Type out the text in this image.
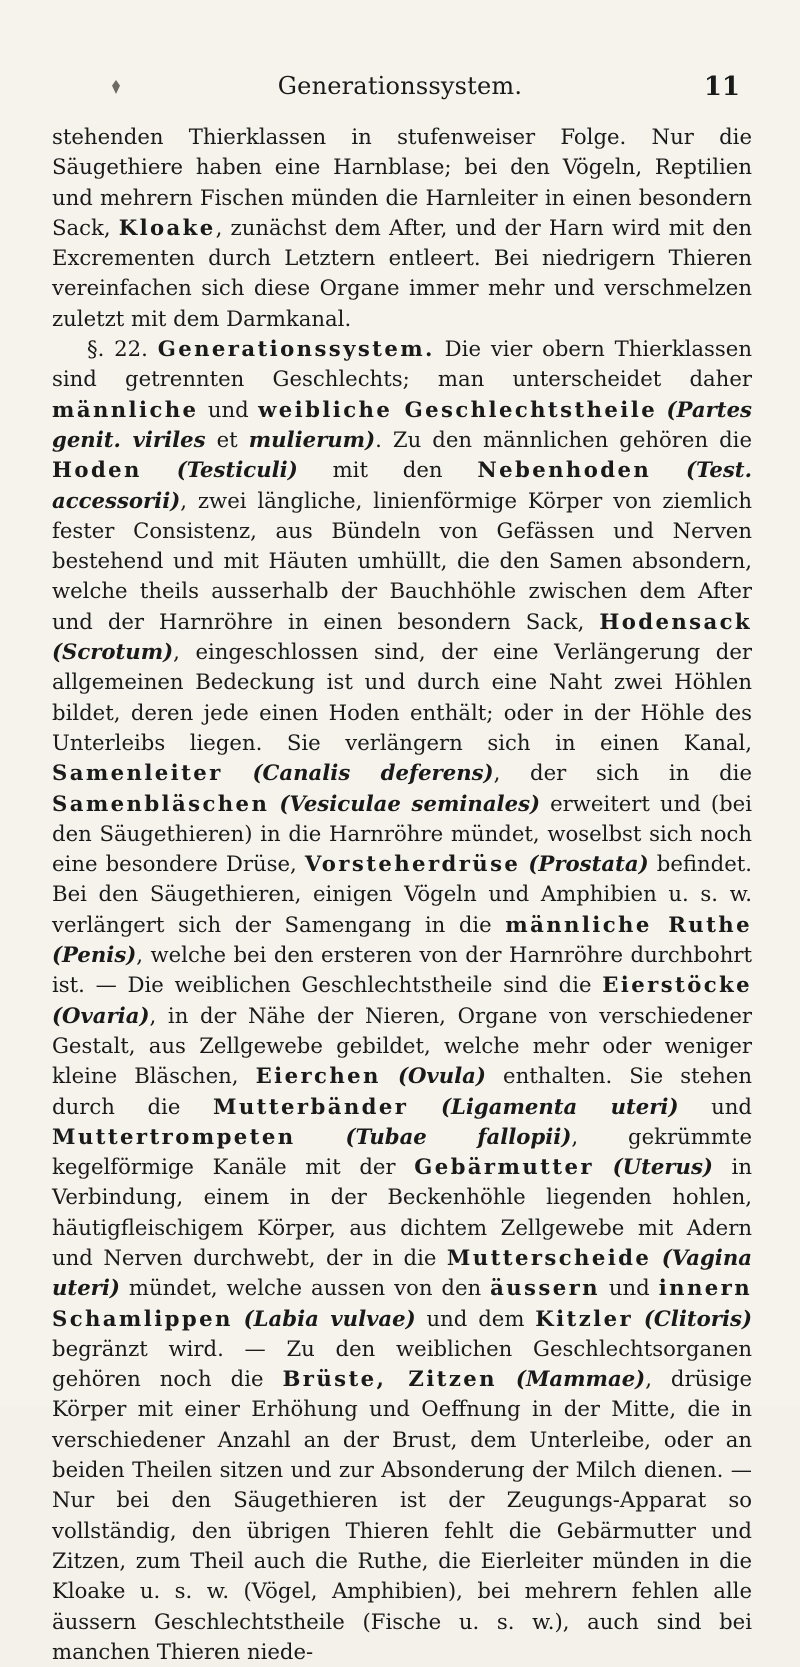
Generationssystem.	11

stehenden Thierklassen in stufenweiser Folge. Nur die Säugethiere haben eine Harnblase; bei den Vögeln, Reptilien und mehrern Fischen münden die Harnleiter in einen besondern Sack, Kloake, zunächst dem After, und der Harn wird mit den Excrementen durch Letztern entleert. Bei niedrigern Thieren vereinfachen sich diese Organe immer mehr und verschmelzen zuletzt mit dem Darmkanal.

§. 22. Generationssystem. Die vier obern Thierklassen sind getrennten Geschlechts; man unterscheidet daher männliche und weibliche Geschlechtstheile (Partes genit. viriles et mulierum). Zu den männlichen gehören die Hoden (Testiculi) mit den Nebenhoden (Test. accessorii), zwei längliche, linienförmige Körper von ziemlich fester Consistenz, aus Bündeln von Gefässen und Nerven bestehend und mit Häuten umhüllt, die den Samen absondern, welche theils ausserhalb der Bauchhöhle zwischen dem After und der Harnröhre in einen besondern Sack, Hodensack (Scrotum), eingeschlossen sind, der eine Verlängerung der allgemeinen Bedeckung ist und durch eine Naht zwei Höhlen bildet, deren jede einen Hoden enthält; oder in der Höhle des Unterleibs liegen. Sie verlängern sich in einen Kanal, Samenleiter (Canalis deferens), der sich in die Samenbläschen (Vesiculae seminales) erweitert und (bei den Säugethieren) in die Harnröhre mündet, woselbst sich noch eine besondere Drüse, Vorsteherdrüse (Prostata) befindet. Bei den Säugethieren, einigen Vögeln und Amphibien u. s. w. verlängert sich der Samengang in die männliche Ruthe (Penis), welche bei den ersteren von der Harnröhre durchbohrt ist. — Die weiblichen Geschlechtstheile sind die Eierstöcke (Ovaria), in der Nähe der Nieren, Organe von verschiedener Gestalt, aus Zellgewebe gebildet, welche mehr oder weniger kleine Bläschen, Eierchen (Ovula) enthalten. Sie stehen durch die Mutterbänder (Ligamenta uteri) und Muttertrompeten (Tubae fallopii), gekrümmte kegelförmige Kanäle mit der Gebärmutter (Uterus) in Verbindung, einem in der Beckenhöhle liegenden hohlen, häutigfleischigem Körper, aus dichtem Zellgewebe mit Adern und Nerven durchwebt, der in die Mutterscheide (Vagina uteri) mündet, welche aussen von den äussern und innern Schamlippen (Labia vulvae) und dem Kitzler (Clitoris) begränzt wird. — Zu den weiblichen Geschlechtsorganen gehören noch die Brüste, Zitzen (Mammae), drüsige Körper mit einer Erhöhung und Oeffnung in der Mitte, die in verschiedener Anzahl an der Brust, dem Unterleibe, oder an beiden Theilen sitzen und zur Absonderung der Milch dienen. — Nur bei den Säugethieren ist der Zeugungs-Apparat so vollständig, den übrigen Thieren fehlt die Gebärmutter und Zitzen, zum Theil auch die Ruthe, die Eierleiter münden in die Kloake u. s. w. (Vögel, Amphibien), bei mehrern fehlen alle äussern Geschlechtstheile (Fische u. s. w.), auch sind bei manchen Thieren niede-
